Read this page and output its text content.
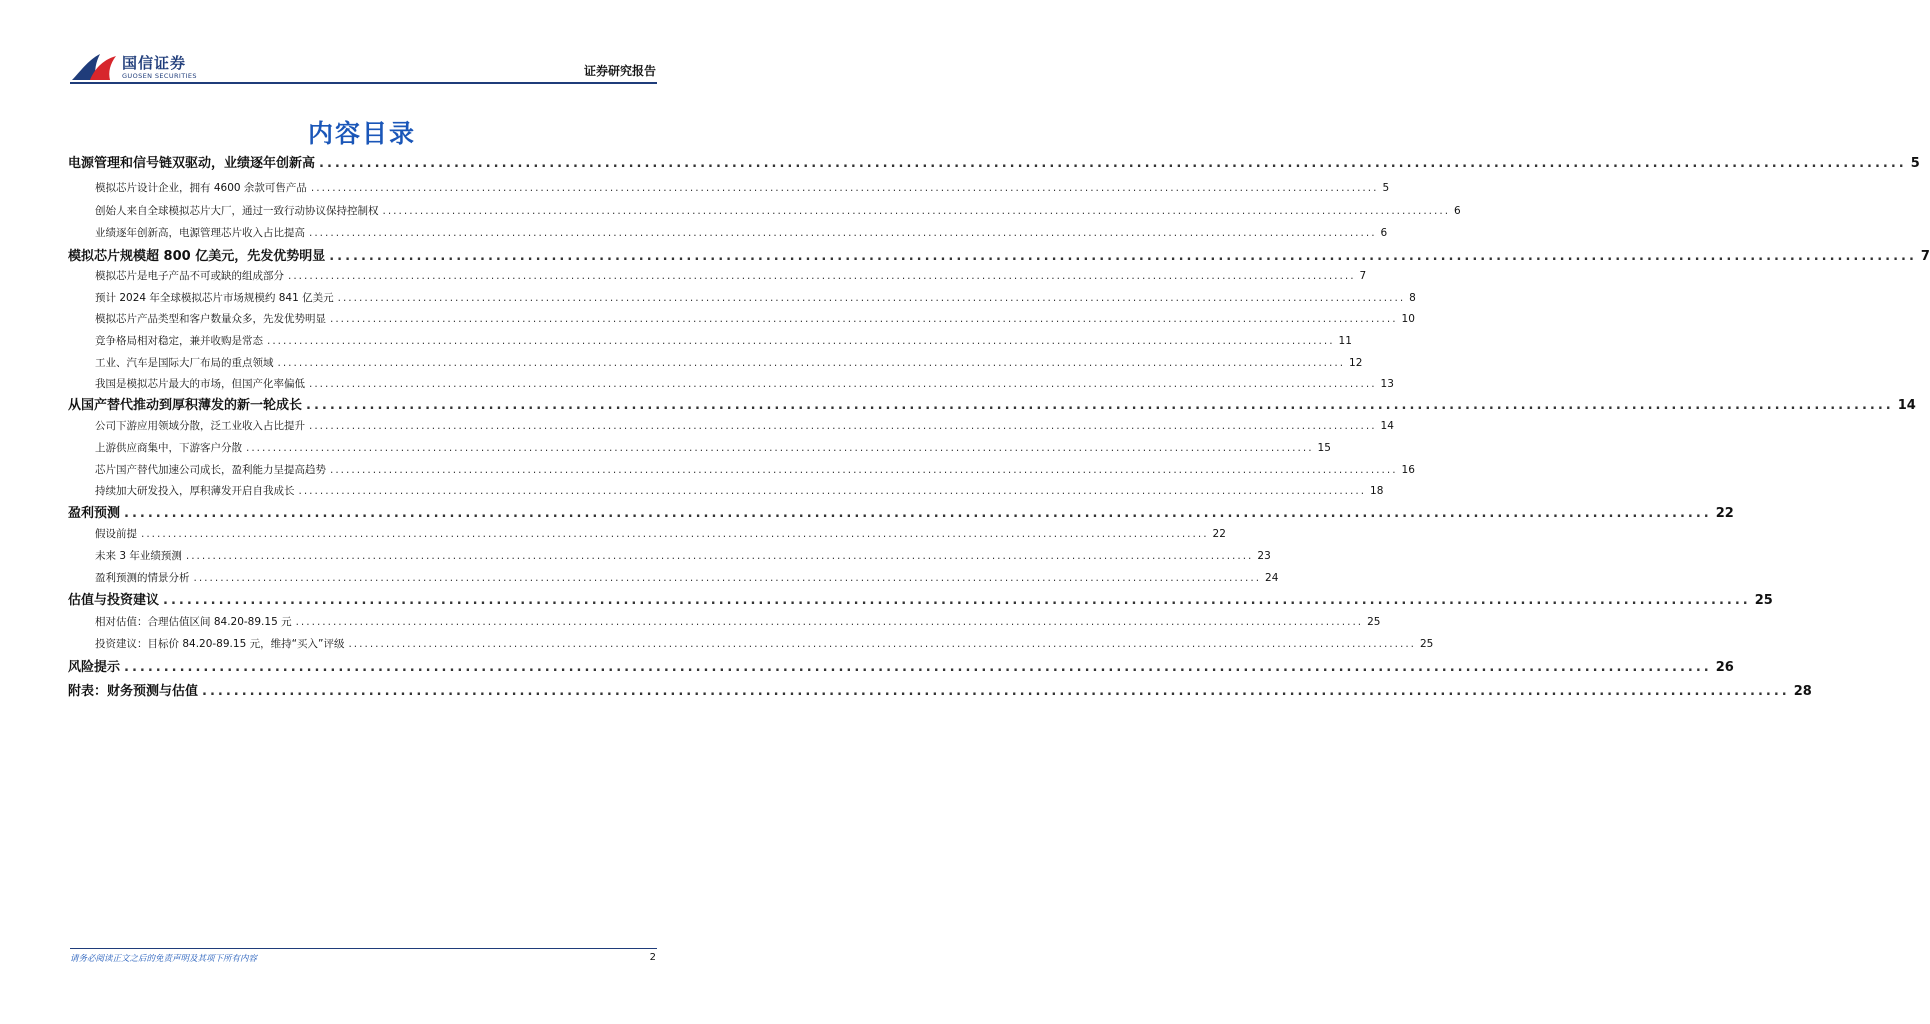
国信证券
GUOSEN SECURITIES	证券研究报告
内容目录
电源管理和信号链双驱动，业绩逐年创新高 ........................................................................................................................................................................................................ 5
模拟芯片设计企业，拥有 4600 余款可售产品 ........................................................................................................................................................................................................ 5
创始人来自全球模拟芯片大厂，通过一致行动协议保持控制权 ........................................................................................................................................................................................................ 6
业绩逐年创新高，电源管理芯片收入占比提高 ........................................................................................................................................................................................................ 6
模拟芯片规模超 800 亿美元，先发优势明显 ........................................................................................................................................................................................................ 7
模拟芯片是电子产品不可或缺的组成部分 ........................................................................................................................................................................................................ 7
预计 2024 年全球模拟芯片市场规模约 841 亿美元 ........................................................................................................................................................................................................ 8
模拟芯片产品类型和客户数量众多，先发优势明显 ........................................................................................................................................................................................................ 10
竞争格局相对稳定，兼并收购是常态 ........................................................................................................................................................................................................ 11
工业、汽车是国际大厂布局的重点领域 ........................................................................................................................................................................................................ 12
我国是模拟芯片最大的市场，但国产化率偏低 ........................................................................................................................................................................................................ 13
从国产替代推动到厚积薄发的新一轮成长 ........................................................................................................................................................................................................ 14
公司下游应用领域分散，泛工业收入占比提升 ........................................................................................................................................................................................................ 14
上游供应商集中，下游客户分散 ........................................................................................................................................................................................................ 15
芯片国产替代加速公司成长，盈利能力呈提高趋势 ........................................................................................................................................................................................................ 16
持续加大研发投入，厚积薄发开启自我成长 ........................................................................................................................................................................................................ 18
盈利预测 ........................................................................................................................................................................................................ 22
假设前提 ........................................................................................................................................................................................................ 22
未来 3 年业绩预测 ........................................................................................................................................................................................................ 23
盈利预测的情景分析 ........................................................................................................................................................................................................ 24
估值与投资建议 ........................................................................................................................................................................................................ 25
相对估值：合理估值区间 84.20-89.15 元 ........................................................................................................................................................................................................ 25
投资建议：目标价 84.20-89.15 元，维持“买入”评级 ........................................................................................................................................................................................................ 25
风险提示 ........................................................................................................................................................................................................ 26
附表：财务预测与估值 ........................................................................................................................................................................................................ 28
请务必阅读正文之后的免责声明及其项下所有内容	2
